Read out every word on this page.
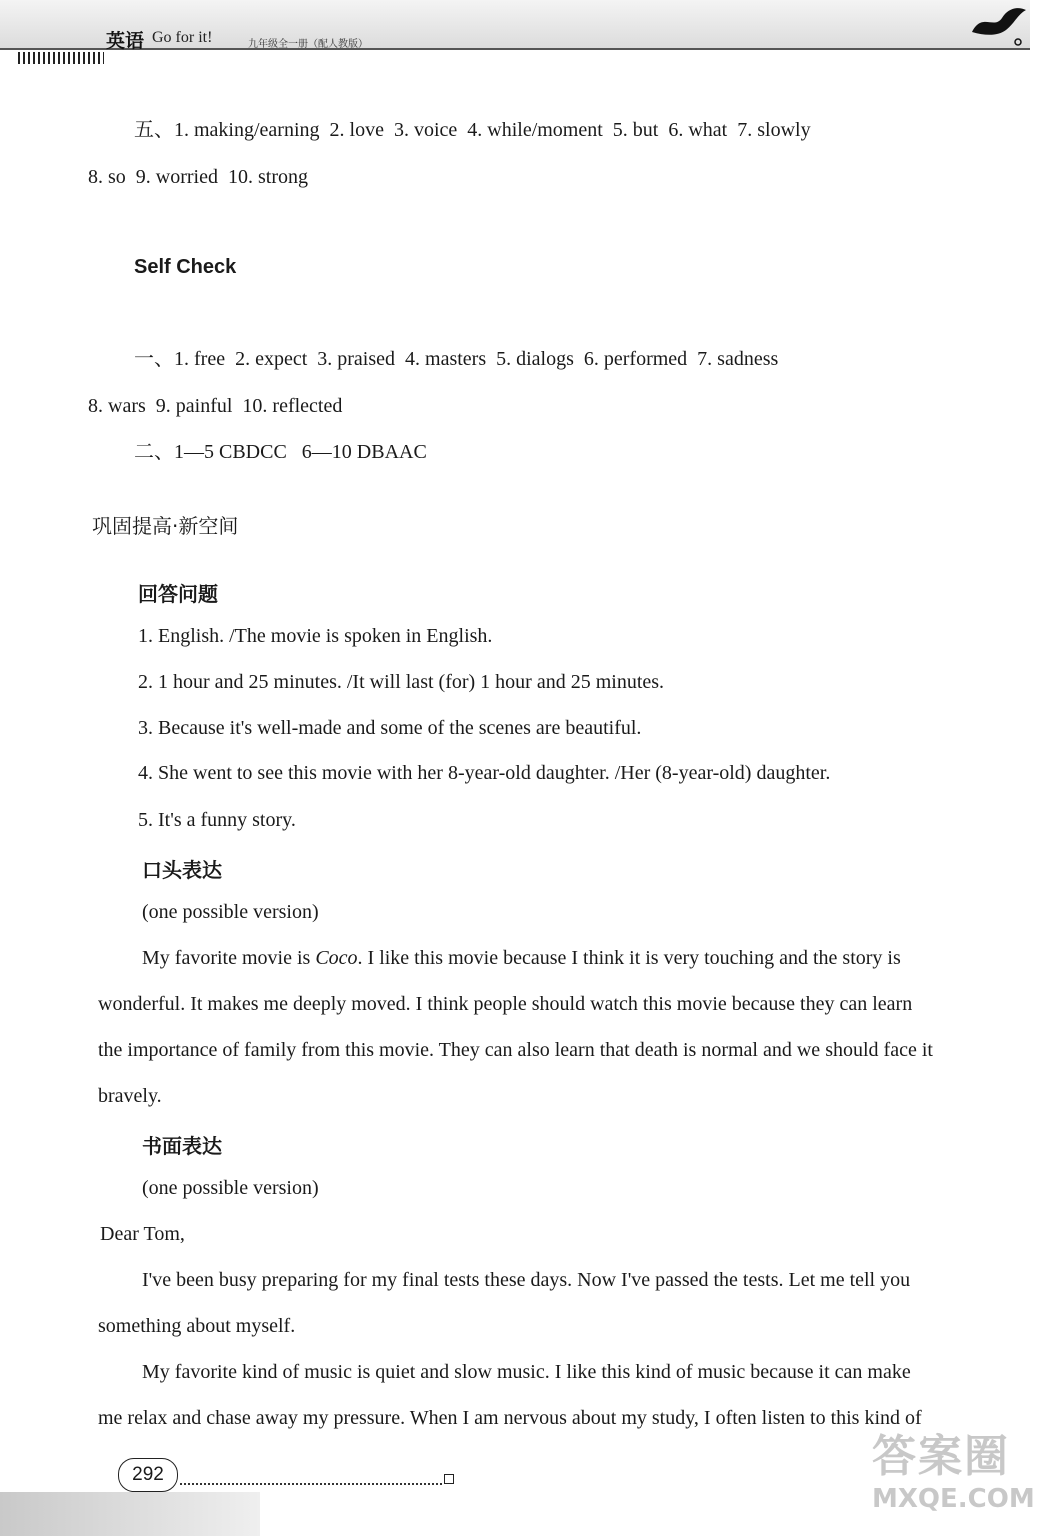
英语 Go for it!	九年级全一册（配人教版）
五、1. making/earning  2. love  3. voice  4. while/moment  5. but  6. what  7. slowly
8. so  9. worried  10. strong
Self Check
一、1. free  2. expect  3. praised  4. masters  5. dialogs  6. performed  7. sadness
8. wars  9. painful  10. reflected
二、1—5 CBDCC   6—10 DBAAC
巩固提高·新空间
回答问题
1. English. /The movie is spoken in English.
2. 1 hour and 25 minutes. /It will last (for) 1 hour and 25 minutes.
3. Because it's well-made and some of the scenes are beautiful.
4. She went to see this movie with her 8-year-old daughter. /Her (8-year-old) daughter.
5. It's a funny story.
口头表达
(one possible version)
My favorite movie is Coco. I like this movie because I think it is very touching and the story is
wonderful. It makes me deeply moved. I think people should watch this movie because they can learn
the importance of family from this movie. They can also learn that death is normal and we should face it
bravely.
书面表达
(one possible version)
Dear Tom,
I've been busy preparing for my final tests these days. Now I've passed the tests. Let me tell you
something about myself.
My favorite kind of music is quiet and slow music. I like this kind of music because it can make
me relax and chase away my pressure. When I am nervous about my study, I often listen to this kind of
292	答案圈
MXQE.COM
